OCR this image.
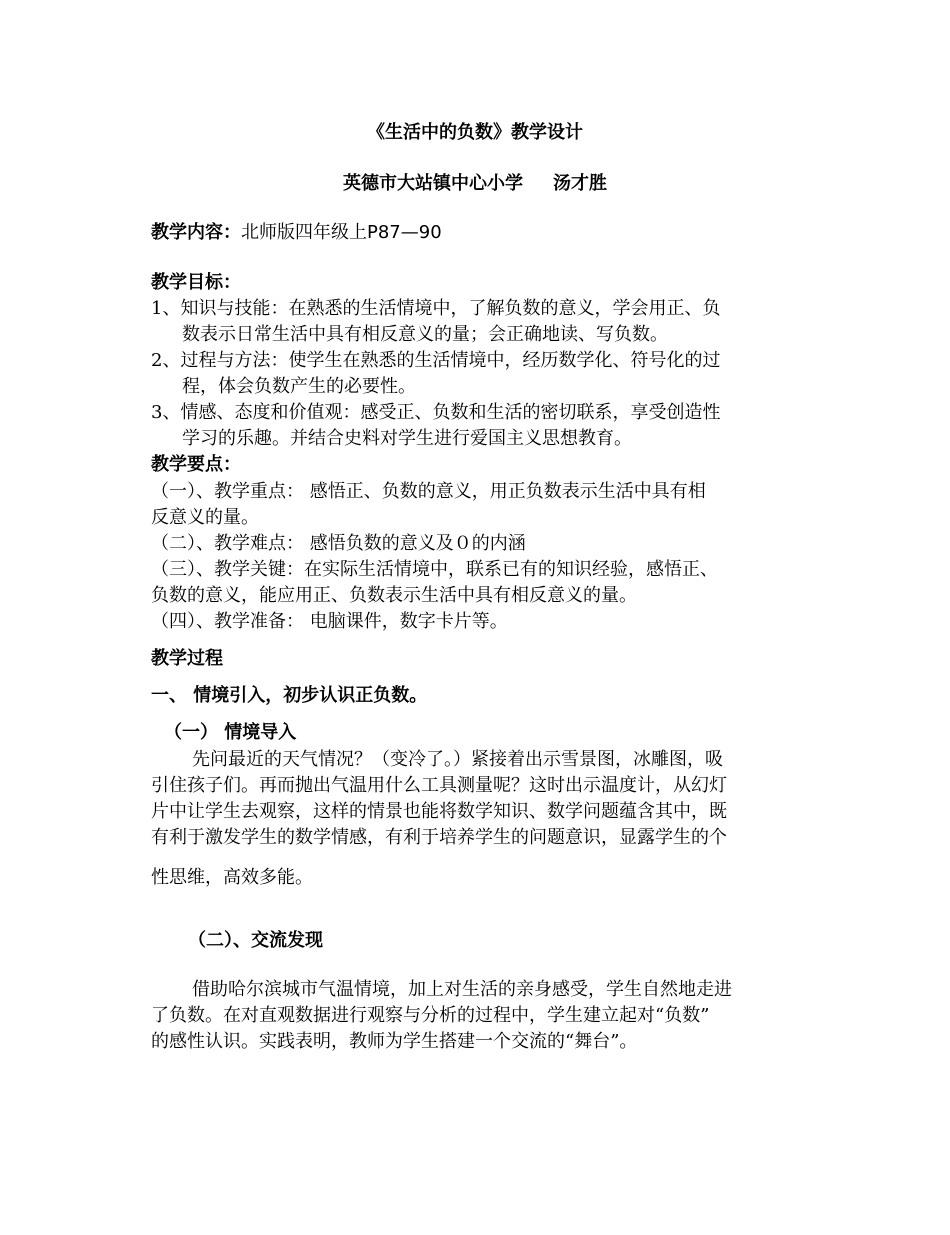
《生活中的负数》教学设计
英德市大站镇中心小学 汤才胜
教学内容：北师版四年级上P87—90
教学目标：
1、知识与技能：在熟悉的生活情境中，了解负数的意义，学会用正、负
数表示日常生活中具有相反意义的量；会正确地读、写负数。
2、过程与方法：使学生在熟悉的生活情境中，经历数学化、符号化的过
程，体会负数产生的必要性。
3、情感、态度和价值观：感受正、负数和生活的密切联系，享受创造性
学习的乐趣。并结合史料对学生进行爱国主义思想教育。
教学要点：
（一）、教学重点： 感悟正、负数的意义，用正负数表示生活中具有相
反意义的量。
（二）、教学难点： 感悟负数的意义及０的内涵
（三）、教学关键：在实际生活情境中，联系已有的知识经验，感悟正、
负数的意义，能应用正、负数表示生活中具有相反意义的量。
（四）、教学准备： 电脑课件，数字卡片等。
教学过程
一、 情境引入，初步认识正负数。
（一） 情境导入
先问最近的天气情况？（变冷了。）紧接着出示雪景图，冰雕图，吸
引住孩子们。再而抛出气温用什么工具测量呢？这时出示温度计，从幻灯
片中让学生去观察，这样的情景也能将数学知识、数学问题蕴含其中，既
有利于激发学生的数学情感，有利于培养学生的问题意识，显露学生的个
性思维，高效多能。
（二）、交流发现
借助哈尔滨城市气温情境，加上对生活的亲身感受，学生自然地走进
了负数。在对直观数据进行观察与分析的过程中，学生建立起对“负数”
的感性认识。实践表明，教师为学生搭建一个交流的“舞台”。
